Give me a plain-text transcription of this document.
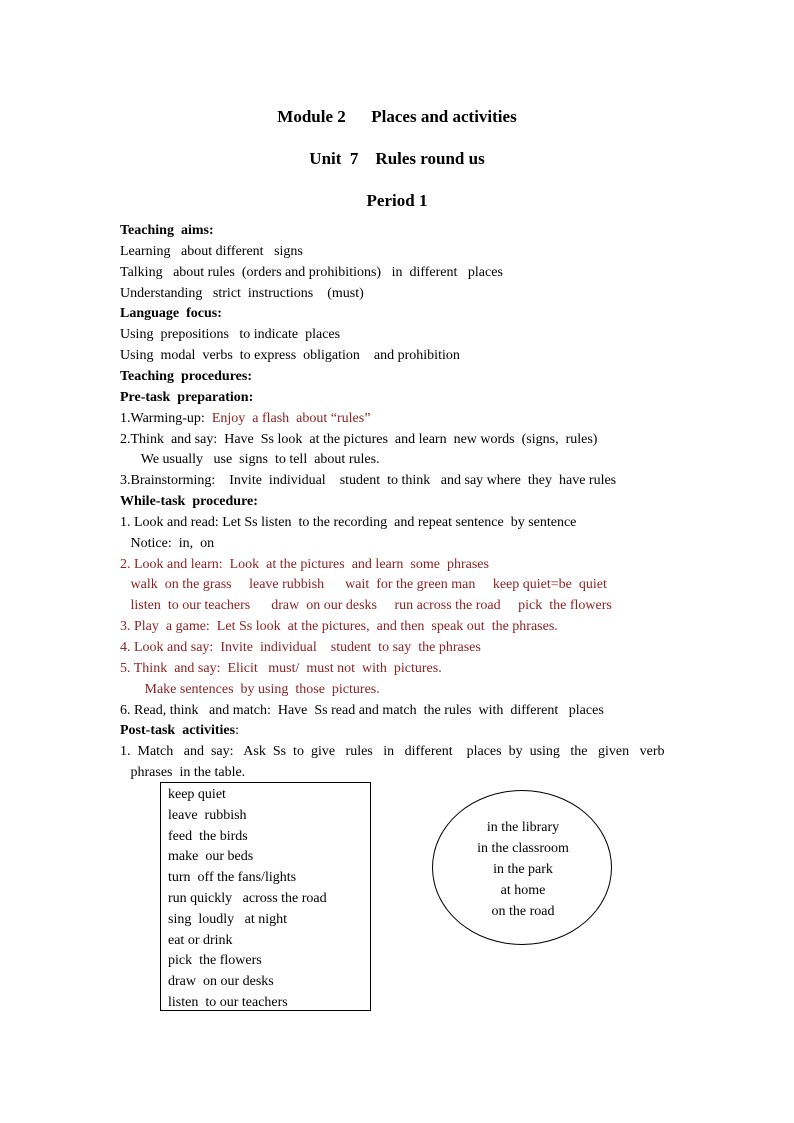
Module 2      Places and activities
Unit  7    Rules round us
Period 1
Teaching  aims:
Learning   about different   signs
Talking   about rules  (orders and prohibitions)   in  different   places
Understanding   strict  instructions    (must)
Language  focus:
Using  prepositions   to indicate  places
Using  modal  verbs  to express  obligation    and prohibition
Teaching  procedures:
Pre-task  preparation:
1.Warming-up:  Enjoy  a flash  about “rules”
2.Think  and say:  Have  Ss look  at the pictures  and learn  new words  (signs,  rules)
We usually   use  signs  to tell  about rules.
3.Brainstorming:    Invite  individual    student  to think   and say where  they  have rules
While-task  procedure:
1. Look and read: Let Ss listen  to the recording  and repeat sentence  by sentence
Notice:  in,  on
2. Look and learn:  Look  at the pictures  and learn  some  phrases
walk  on the grass     leave rubbish      wait  for the green man     keep quiet=be  quiet
listen  to our teachers      draw  on our desks     run across the road     pick  the flowers
3. Play  a game:  Let Ss look  at the pictures,  and then  speak out  the phrases.
4. Look and say:  Invite  individual    student  to say  the phrases
5. Think  and say:  Elicit   must/  must not  with  pictures.
Make sentences  by using  those  pictures.
6. Read, think   and match:  Have  Ss read and match  the rules  with  different   places
Post-task  activities:
1.  Match   and  say:   Ask  Ss  to  give   rules   in   different    places  by  using   the   given   verb
phrases  in the table.
keep quiet
leave  rubbish
feed  the birds
make  our beds
turn  off the fans/lights
run quickly   across the road
sing  loudly   at night
eat or drink
pick  the flowers
draw  on our desks
listen  to our teachers
in the library
in the classroom
in the park
at home
on the road
